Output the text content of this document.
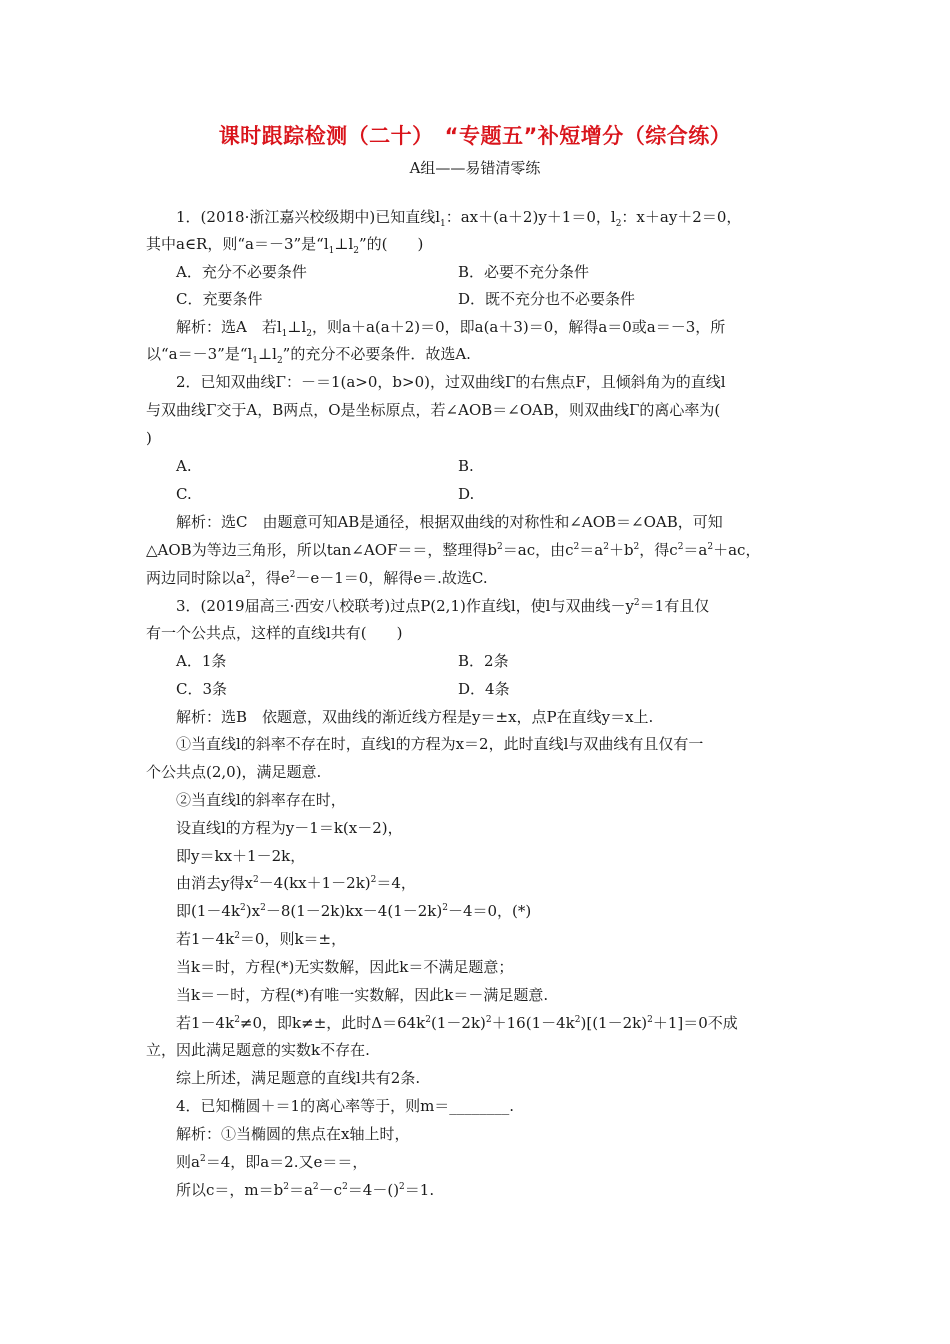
课时跟踪检测（二十）　“专题五”补短增分（综合练）
A组——易错清零练
1．(2018·浙江嘉兴校级期中)已知直线$l_1$：ax＋(a＋2)y＋1＝0，$l_2$：x＋ay＋2＝0，
其中a∈R，则“a＝－3”是“$l_1\perp l_2$”的(　　)
A．充分不必要条件	B．必要不充分条件
C．充要条件	D．既不充分也不必要条件
解析：选A　若$l_1\perp l_2$，则a＋a(a＋2)＝0，即a(a＋3)＝0，解得a＝0或a＝－3，所
以“a＝－3”是“$l_1\perp l_2$”的充分不必要条件．故选A.
2．已知双曲线Γ：－＝1(a>0，b>0)，过双曲线Γ的右焦点F，且倾斜角为的直线l
与双曲线Γ交于A，B两点，O是坐标原点，若∠AOB＝∠OAB，则双曲线Γ的离心率为(
)
A.	B.
C.	D.
解析：选C　由题意可知AB是通径，根据双曲线的对称性和∠AOB＝∠OAB，可知
△AOB为等边三角形，所以tan∠AOF＝＝，整理得$b^2=ac$，由$c^2=a^2+b^2$，得$c^2=a^2+ac$，
两边同时除以$a^2$，得$e^2-e-1=0$，解得e＝.故选C.
3．(2019届高三·西安八校联考)过点P(2,1)作直线l，使l与双曲线$-y^2=1$有且仅
有一个公共点，这样的直线l共有(　　)
A．1条	B．2条
C．3条	D．4条
解析：选B　依题意，双曲线的渐近线方程是y＝±x，点P在直线y＝x上.
①当直线l的斜率不存在时，直线l的方程为x＝2，此时直线l与双曲线有且仅有一
个公共点(2,0)，满足题意.
②当直线l的斜率存在时，
设直线l的方程为y－1＝k(x－2)，
即y＝kx＋1－2k，
由消去y得$x^2-4(kx+1-2k)^2=4$，
即$(1-4k^2)x^2-8(1-2k)kx-4(1-2k)^2-4=0$，(*)
若$1-4k^2=0$，则k＝±，
当k＝时，方程(*)无实数解，因此k＝不满足题意；
当k＝－时，方程(*)有唯一实数解，因此k＝－满足题意.
若$1-4k^2\ne 0$，即k≠±，此时$\Delta=64k^2(1-2k)^2+16(1-4k^2)[(1-2k)^2+1]=0$不成
立，因此满足题意的实数k不存在.
综上所述，满足题意的直线l共有2条.
4．已知椭圆＋＝1的离心率等于，则m＝________.
解析：①当椭圆的焦点在x轴上时，
则$a^2=4$，即a＝2.又e＝＝，
所以c＝，$m=b^2=a^2-c^2=4-()^2=1$.
